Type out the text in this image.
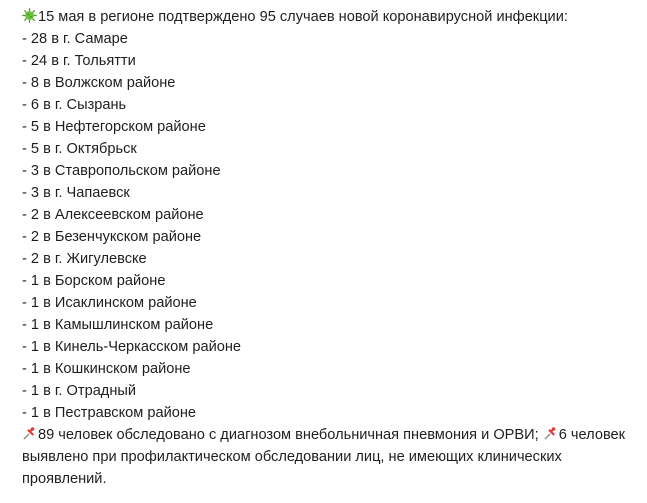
15 мая в регионе подтверждено 95 случаев новой коронавирусной инфекции:
- 28 в г. Самаре
- 24 в г. Тольятти
- 8 в Волжском районе
- 6 в г. Сызрань
- 5 в Нефтегорском районе
- 5 в г. Октябрьск
- 3 в Ставропольском районе
- 3 в г. Чапаевск
- 2 в Алексеевском районе
- 2 в Безенчукском районе
- 2 в г. Жигулевске
- 1 в Борском районе
- 1 в Исаклинском районе
- 1 в Камышлинском районе
- 1 в Кинель-Черкасском районе
- 1 в Кошкинском районе
- 1 в г. Отрадный
- 1 в Пестравском районе
89 человек обследовано с диагнозом внебольничная пневмония и ОРВИ; 6 человек выявлено при профилактическом обследовании лиц, не имеющих клинических проявлений.
